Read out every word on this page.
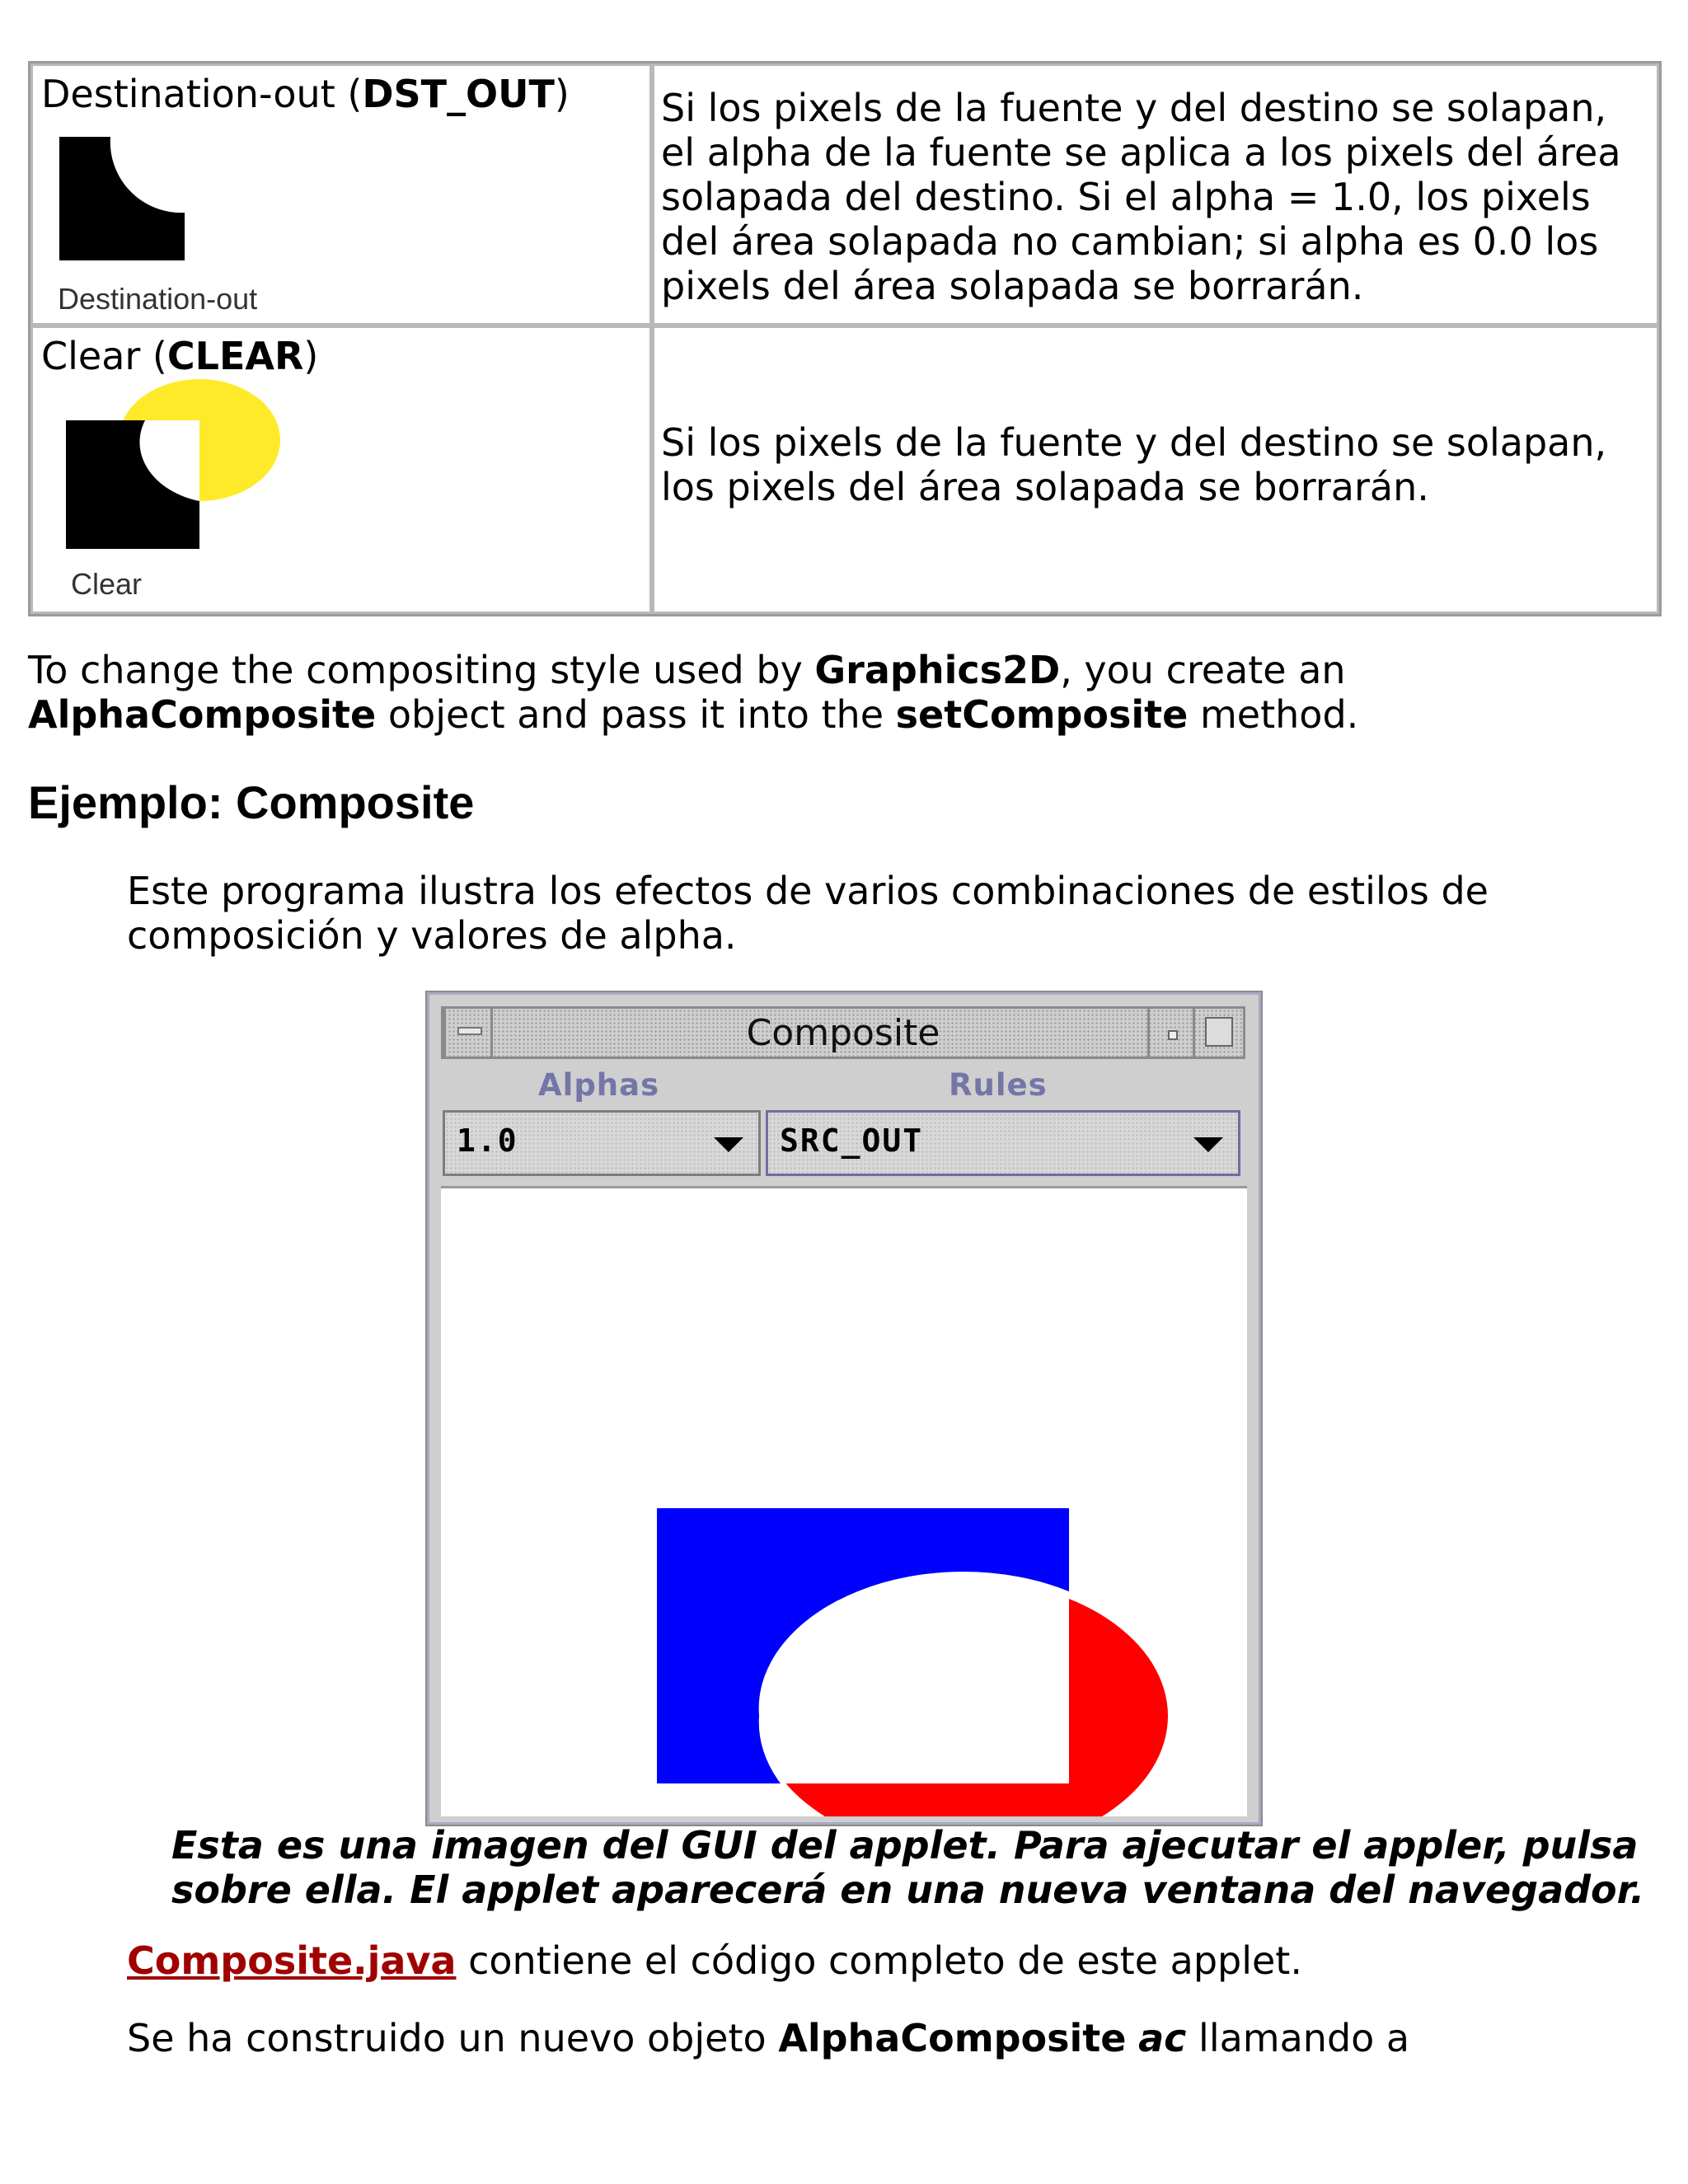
Destination-out (DST_OUT)
Destination-out
Si los pixels de la fuente y del destino se solapan,
el alpha de la fuente se aplica a los pixels del área
solapada del destino. Si el alpha = 1.0, los pixels
del área solapada no cambian; si alpha es 0.0 los
pixels del área solapada se borrarán.
Clear (CLEAR)
Clear
Si los pixels de la fuente y del destino se solapan,
los pixels del área solapada se borrarán.
To change the compositing style used by Graphics2D, you create an
AlphaComposite object and pass it into the setComposite method.
Ejemplo: Composite
Este programa ilustra los efectos de varios combinaciones de estilos de
composición y valores de alpha.
Composite
Alphas	Rules
1.0	SRC_OUT
Esta es una imagen del GUI del applet. Para ajecutar el appler, pulsa
sobre ella. El applet aparecerá en una nueva ventana del navegador.
Composite.java contiene el código completo de este applet.
Se ha construido un nuevo objeto AlphaComposite ac llamando a
